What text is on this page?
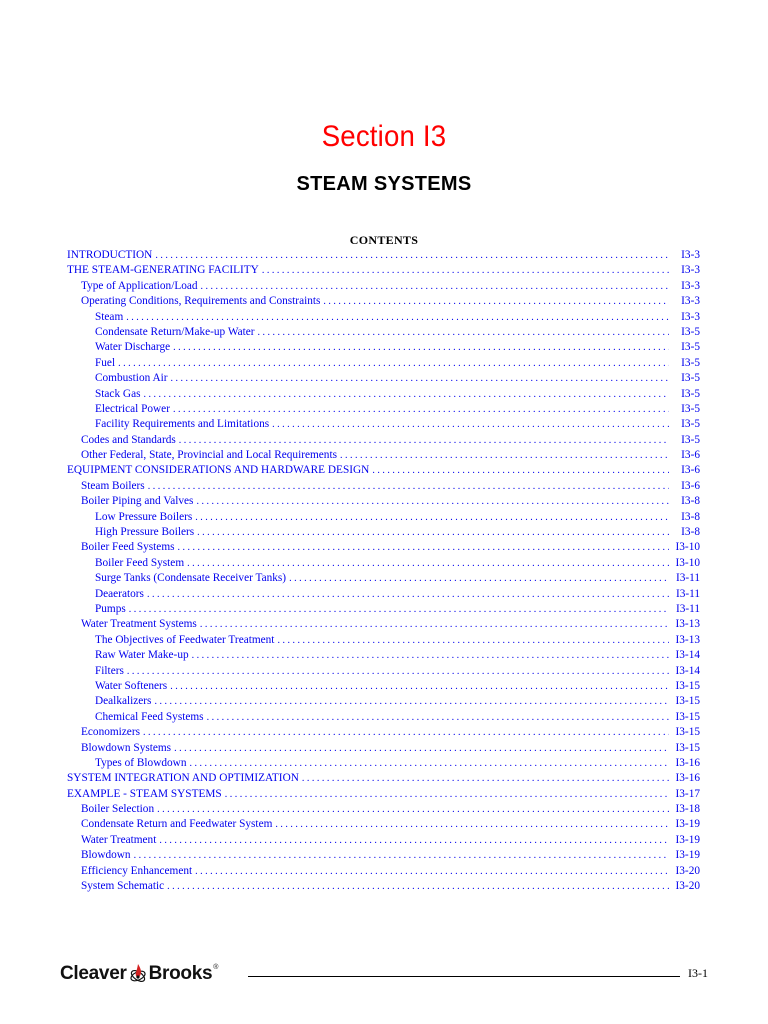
Section I3
STEAM SYSTEMS
CONTENTS
INTRODUCTION . . .	I3-3
THE STEAM-GENERATING FACILITY . . .	I3-3
Type of Application/Load . . .	I3-3
Operating Conditions, Requirements and Constraints . . .	I3-3
Steam . . .	I3-3
Condensate Return/Make-up Water . . .	I3-5
Water Discharge . . .	I3-5
Fuel . . .	I3-5
Combustion Air . . .	I3-5
Stack Gas . . .	I3-5
Electrical Power . . .	I3-5
Facility Requirements and Limitations . . .	I3-5
Codes and Standards . . .	I3-5
Other Federal, State, Provincial and Local Requirements . . .	I3-6
EQUIPMENT CONSIDERATIONS AND HARDWARE DESIGN . . .	I3-6
Steam Boilers . . .	I3-6
Boiler Piping and Valves . . .	I3-8
Low Pressure Boilers . . .	I3-8
High Pressure Boilers . . .	I3-8
Boiler Feed Systems . . .	I3-10
Boiler Feed System . . .	I3-10
Surge Tanks (Condensate Receiver Tanks) . . .	I3-11
Deaerators . . .	I3-11
Pumps . . .	I3-11
Water Treatment Systems . . .	I3-13
The Objectives of Feedwater Treatment . . .	I3-13
Raw Water Make-up . . .	I3-14
Filters . . .	I3-14
Water Softeners . . .	I3-15
Dealkalizers . . .	I3-15
Chemical Feed Systems . . .	I3-15
Economizers . . .	I3-15
Blowdown Systems . . .	I3-15
Types of Blowdown . . .	I3-16
SYSTEM INTEGRATION AND OPTIMIZATION . . .	I3-16
EXAMPLE - STEAM SYSTEMS . . .	I3-17
Boiler Selection . . .	I3-18
Condensate Return and Feedwater System . . .	I3-19
Water Treatment . . .	I3-19
Blowdown . . .	I3-19
Efficiency Enhancement . . .	I3-20
System Schematic . . .	I3-20
Cleaver Brooks ®	I3-1
